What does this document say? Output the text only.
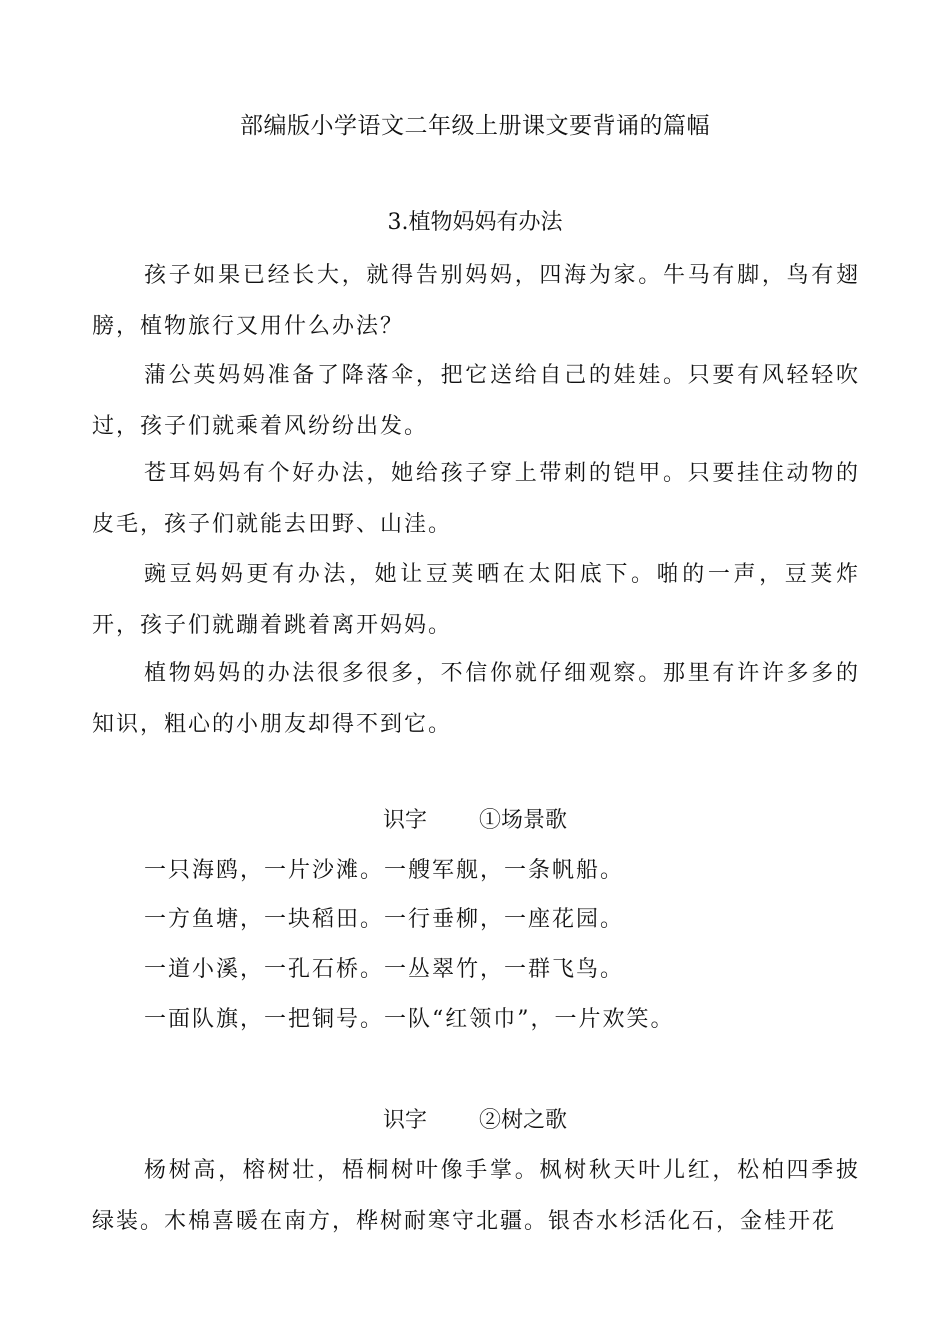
部编版小学语文二年级上册课文要背诵的篇幅
3.植物妈妈有办法

孩子如果已经长大，就得告别妈妈，四海为家。牛马有脚，鸟有翅膀，植物旅行又用什么办法？

蒲公英妈妈准备了降落伞，把它送给自己的娃娃。只要有风轻轻吹过，孩子们就乘着风纷纷出发。

苍耳妈妈有个好办法，她给孩子穿上带刺的铠甲。只要挂住动物的皮毛，孩子们就能去田野、山洼。

豌豆妈妈更有办法，她让豆荚晒在太阳底下。啪的一声，豆荚炸开，孩子们就蹦着跳着离开妈妈。

植物妈妈的办法很多很多，不信你就仔细观察。那里有许许多多的知识，粗心的小朋友却得不到它。

识字 ①场景歌

一只海鸥，一片沙滩。一艘军舰，一条帆船。

一方鱼塘，一块稻田。一行垂柳，一座花园。

一道小溪，一孔石桥。一丛翠竹，一群飞鸟。

一面队旗，一把铜号。一队“红领巾”，一片欢笑。

识字 ②树之歌

杨树高，榕树壮，梧桐树叶像手掌。枫树秋天叶儿红，松柏四季披绿装。木棉喜暖在南方，桦树耐寒守北疆。银杏水杉活化石，金桂开花
